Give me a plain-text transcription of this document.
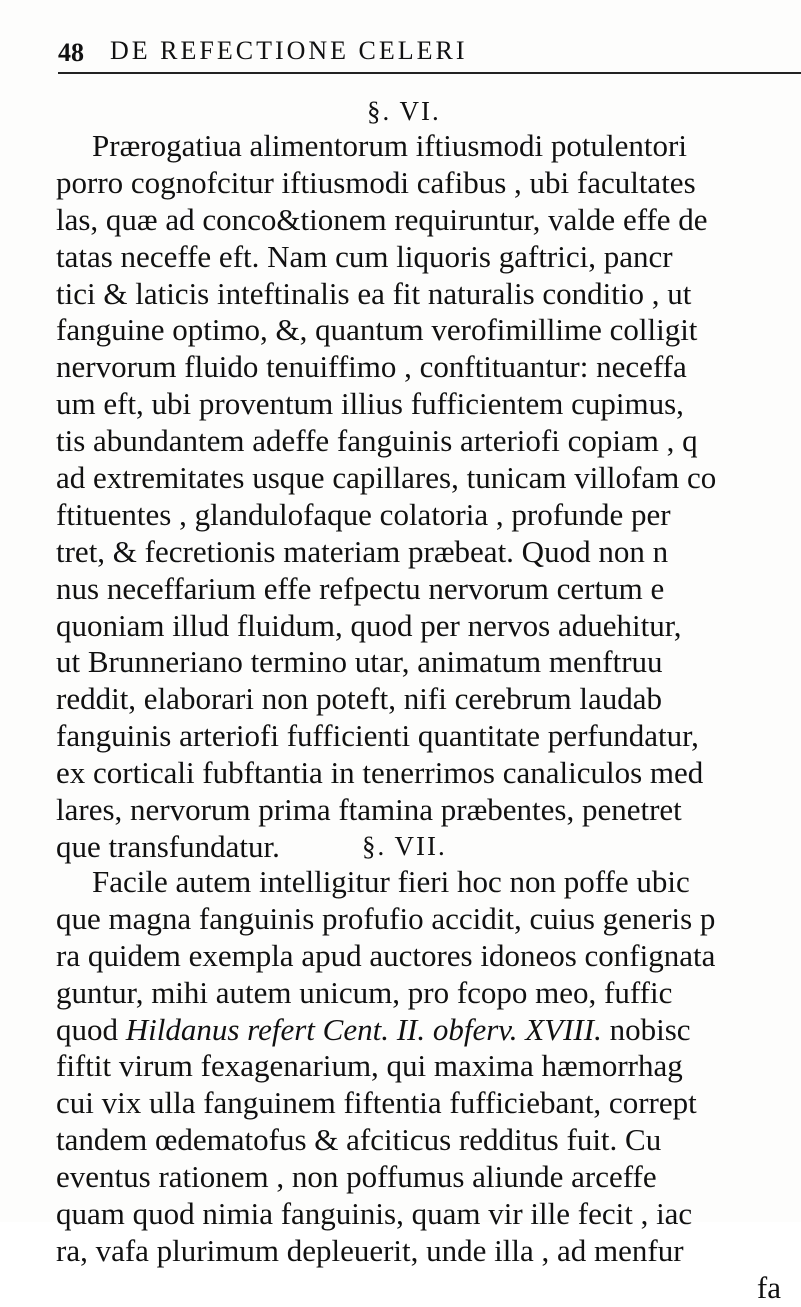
48 DE REFECTIONE CELERI
§. VI.
Prærogatiua alimentorum iftiusmodi potulentori
porro cognofcitur iftiusmodi cafibus , ubi facultates
las, quæ ad conco&tionem requiruntur, valde effe de
tatas neceffe eft. Nam cum liquoris gaftrici, pancr
tici & laticis inteftinalis ea fit naturalis conditio , ut
fanguine optimo, &, quantum verofimillime colligit
nervorum fluido tenuiffimo , conftituantur: neceffa
um eft, ubi proventum illius fufficientem cupimus,
tis abundantem adeffe fanguinis arteriofi copiam , q
ad extremitates usque capillares, tunicam villofam co
ftituentes , glandulofaque colatoria , profunde per
tret, & fecretionis materiam præbeat. Quod non n
nus neceffarium effe refpectu nervorum certum e
quoniam illud fluidum, quod per nervos aduehitur,
ut Brunneriano termino utar, animatum menftruu
reddit, elaborari non poteft, nifi cerebrum laudab
fanguinis arteriofi fufficienti quantitate perfundatur,
ex corticali fubftantia in tenerrimos canaliculos med
lares, nervorum prima ftamina præbentes, penetret
que transfundatur.	§. VII.
Facile autem intelligitur fieri hoc non poffe ubic
que magna fanguinis profufio accidit, cuius generis p
ra quidem exempla apud auctores idoneos confignata
guntur, mihi autem unicum, pro fcopo meo, fuffic
quod Hildanus refert Cent. II. obferv. XVIII. nobisc
fiftit virum fexagenarium, qui maxima hæmorrhag
cui vix ulla fanguinem fiftentia fufficiebant, corrept
tandem œdematofus & afciticus redditus fuit. Cu
eventus rationem , non poffumus aliunde arceffe
quam quod nimia fanguinis, quam vir ille fecit , iac
ra, vafa plurimum depleuerit, unde illa , ad menfur
fa
